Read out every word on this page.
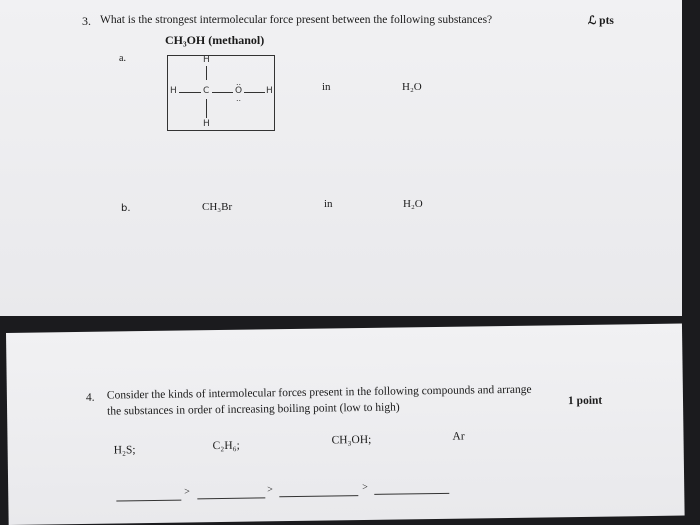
3. What is the strongest intermolecular force present between the following substances?	ℒ pts
CH₃OH (methanol)
a.	H
H	C
..
O
..
H
H
in	H₂O
b.	CH₃Br	in	H₂O
4. Consider the kinds of intermolecular forces present in the following compounds and arrange
the substances in order of increasing boiling point (low to high)
1 point
H₂S;	C₂H₆;	CH₃OH;	Ar
>	>	>
